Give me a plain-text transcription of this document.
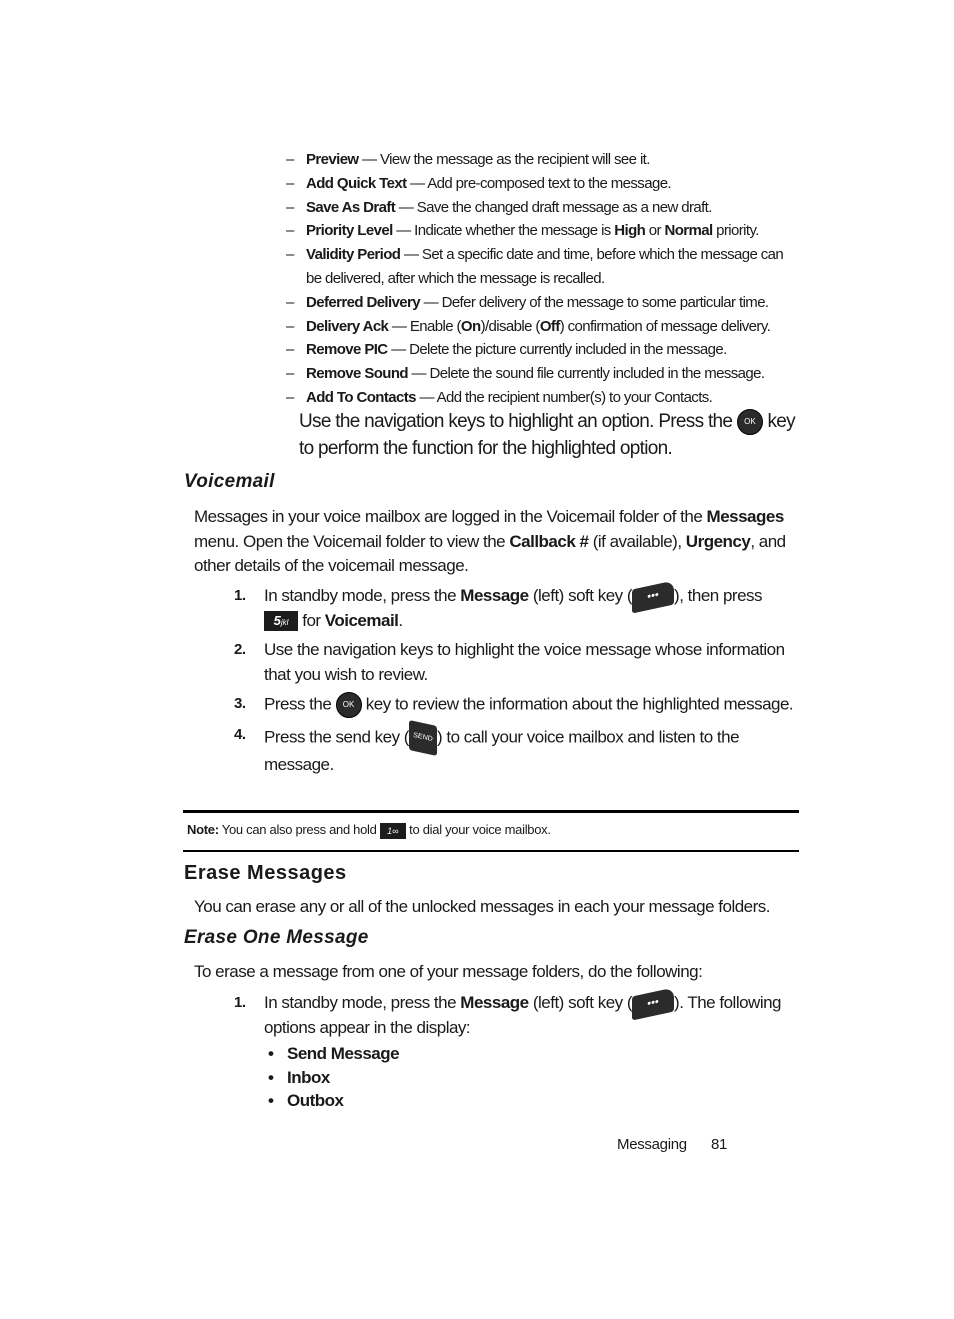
– Preview — View the message as the recipient will see it.
– Add Quick Text — Add pre-composed text to the message.
– Save As Draft — Save the changed draft message as a new draft.
– Priority Level — Indicate whether the message is High or Normal priority.
– Validity Period — Set a specific date and time, before which the message can be delivered, after which the message is recalled.
– Deferred Delivery — Defer delivery of the message to some particular time.
– Delivery Ack — Enable (On)/disable (Off) confirmation of message delivery.
– Remove PIC — Delete the picture currently included in the message.
– Remove Sound — Delete the sound file currently included in the message.
– Add To Contacts — Add the recipient number(s) to your Contacts.
Use the navigation keys to highlight an option. Press the OK key to perform the function for the highlighted option.
Voicemail
Messages in your voice mailbox are logged in the Voicemail folder of the Messages menu. Open the Voicemail folder to view the Callback # (if available), Urgency, and other details of the voicemail message.
1. In standby mode, press the Message (left) soft key ( ••• ), then press 5jkl for Voicemail.
2. Use the navigation keys to highlight the voice message whose information that you wish to review.
3. Press the OK key to review the information about the highlighted message.
4. Press the send key ( SEND ) to call your voice mailbox and listen to the message.
Note: You can also press and hold 1∞ to dial your voice mailbox.
Erase Messages
You can erase any or all of the unlocked messages in each your message folders.
Erase One Message
To erase a message from one of your message folders, do the following:
1. In standby mode, press the Message (left) soft key ( ••• ). The following options appear in the display:
• Send Message
• Inbox
• Outbox
Messaging 81
